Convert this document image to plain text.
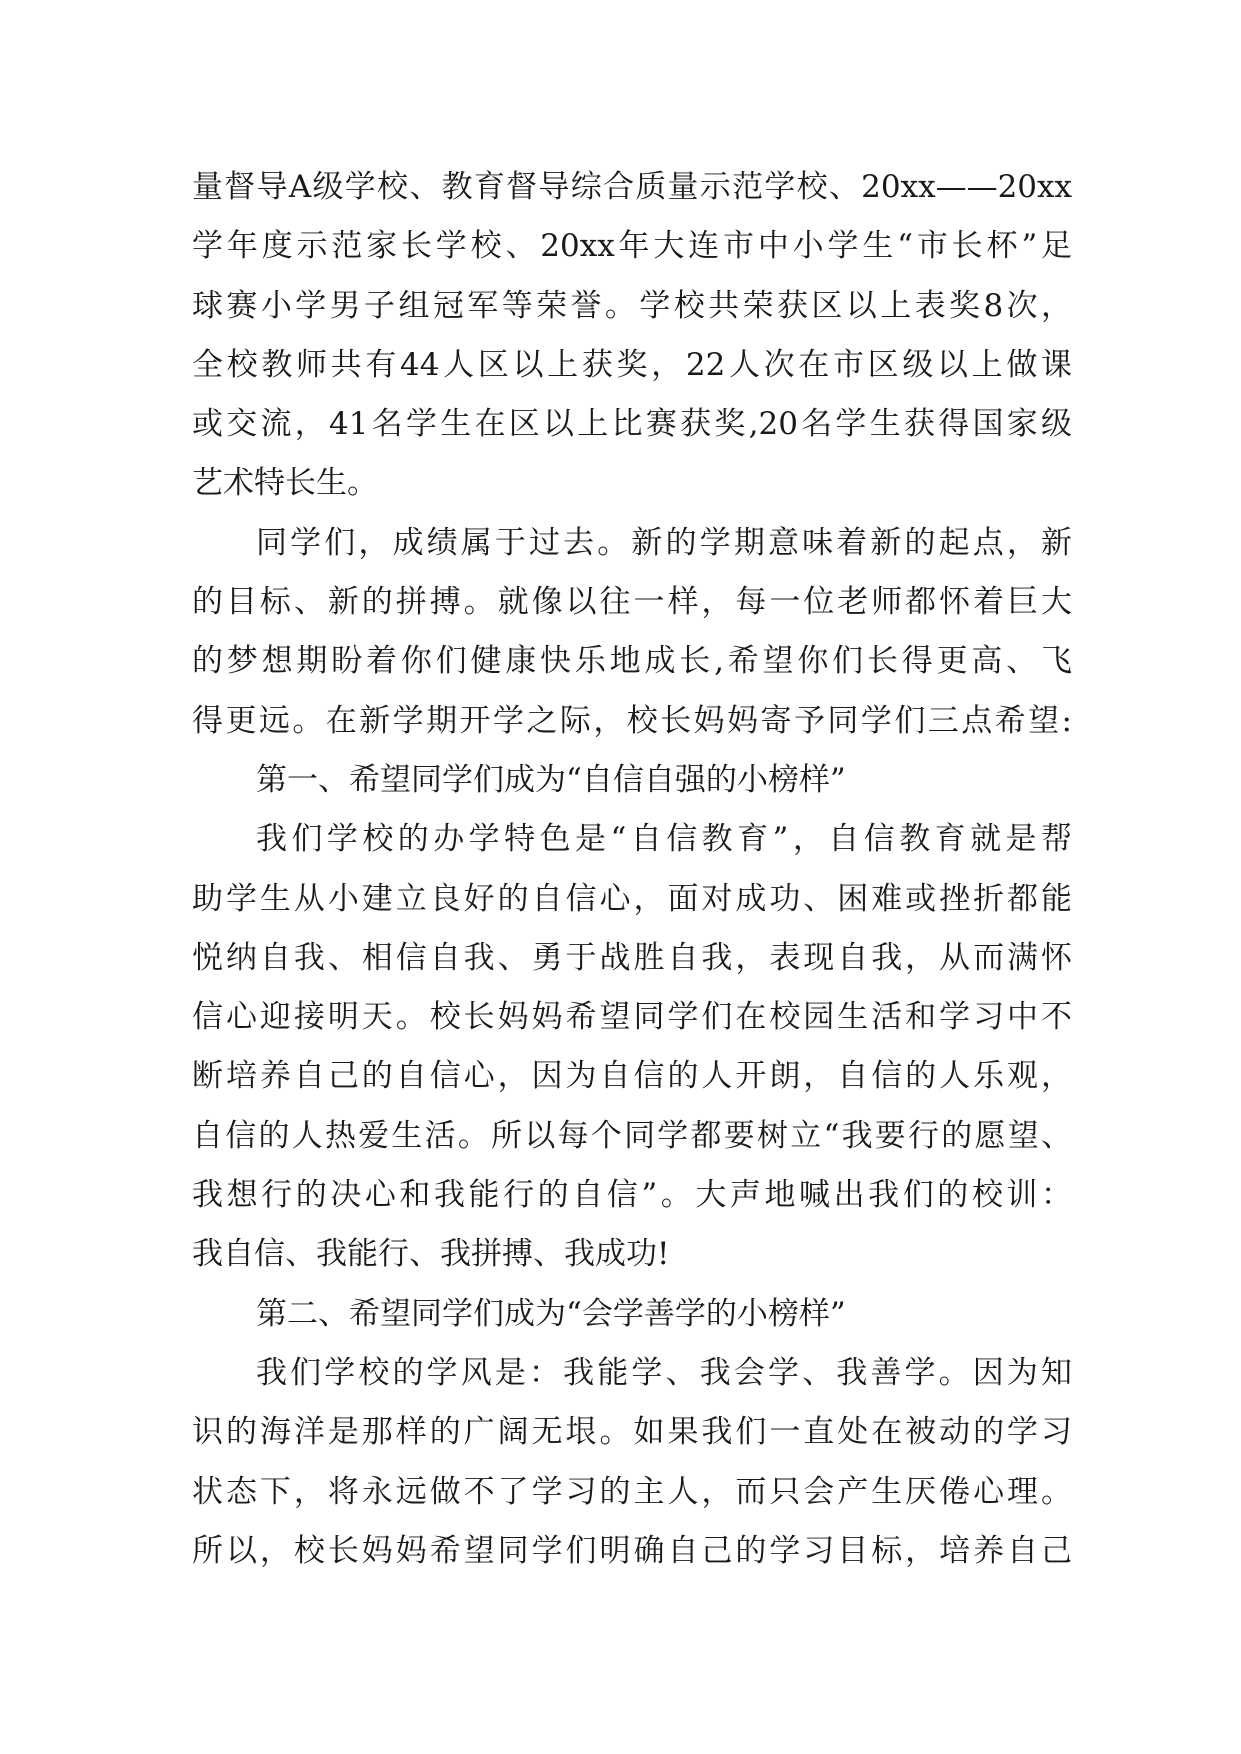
量督导A级学校、教育督导综合质量示范学校、20xx——20xx
学年度示范家长学校、20xx年大连市中小学生“市长杯”足
球赛小学男子组冠军等荣誉。学校共荣获区以上表奖8次，
全校教师共有44人区以上获奖，22人次在市区级以上做课
或交流，41名学生在区以上比赛获奖,20名学生获得国家级
艺术特长生。
同学们，成绩属于过去。新的学期意味着新的起点，新
的目标、新的拼搏。就像以往一样，每一位老师都怀着巨大
的梦想期盼着你们健康快乐地成长,希望你们长得更高、飞
得更远。在新学期开学之际，校长妈妈寄予同学们三点希望:
第一、希望同学们成为“自信自强的小榜样”
我们学校的办学特色是“自信教育”，自信教育就是帮
助学生从小建立良好的自信心，面对成功、困难或挫折都能
悦纳自我、相信自我、勇于战胜自我，表现自我，从而满怀
信心迎接明天。校长妈妈希望同学们在校园生活和学习中不
断培养自己的自信心，因为自信的人开朗，自信的人乐观，
自信的人热爱生活。所以每个同学都要树立“我要行的愿望、
我想行的决心和我能行的自信”。大声地喊出我们的校训：
我自信、我能行、我拼搏、我成功!
第二、希望同学们成为“会学善学的小榜样”
我们学校的学风是：我能学、我会学、我善学。因为知
识的海洋是那样的广阔无垠。如果我们一直处在被动的学习
状态下，将永远做不了学习的主人，而只会产生厌倦心理。
所以，校长妈妈希望同学们明确自己的学习目标，培养自己
